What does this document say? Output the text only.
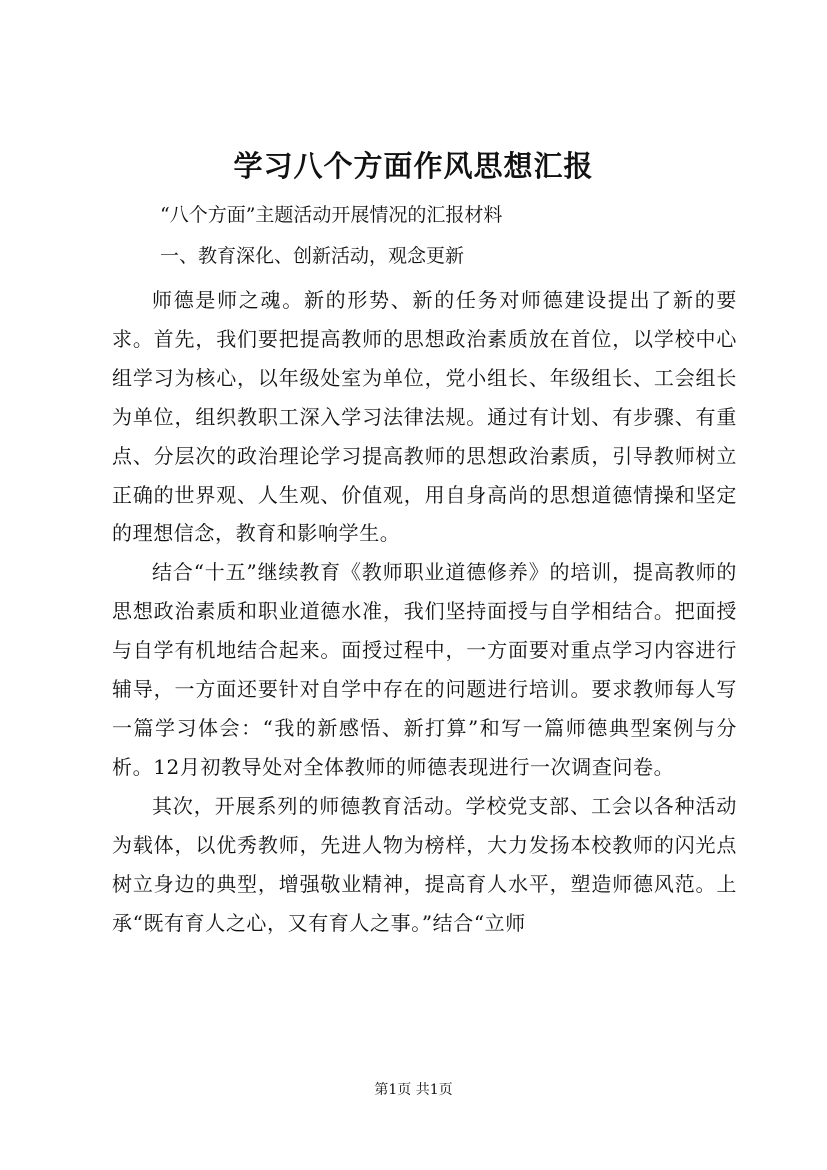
学习八个方面作风思想汇报

“八个方面”主题活动开展情况的汇报材料

一、教育深化、创新活动，观念更新

师德是师之魂。新的形势、新的任务对师德建设提出了新的要求。首先，我们要把提高教师的思想政治素质放在首位，以学校中心组学习为核心，以年级处室为单位，党小组长、年级组长、工会组长为单位，组织教职工深入学习法律法规。通过有计划、有步骤、有重点、分层次的政治理论学习提高教师的思想政治素质，引导教师树立正确的世界观、人生观、价值观，用自身高尚的思想道德情操和坚定的理想信念，教育和影响学生。

结合“十五”继续教育《教师职业道德修养》的培训，提高教师的思想政治素质和职业道德水准，我们坚持面授与自学相结合。把面授与自学有机地结合起来。面授过程中，一方面要对重点学习内容进行辅导，一方面还要针对自学中存在的问题进行培训。要求教师每人写一篇学习体会：“我的新感悟、新打算”和写一篇师德典型案例与分析。12月初教导处对全体教师的师德表现进行一次调查问卷。

其次，开展系列的师德教育活动。学校党支部、工会以各种活动为载体，以优秀教师，先进人物为榜样，大力发扬本校教师的闪光点树立身边的典型，增强敬业精神，提高育人水平，塑造师德风范。上承“既有育人之心，又有育人之事。”结合“立师

第1页 共1页
